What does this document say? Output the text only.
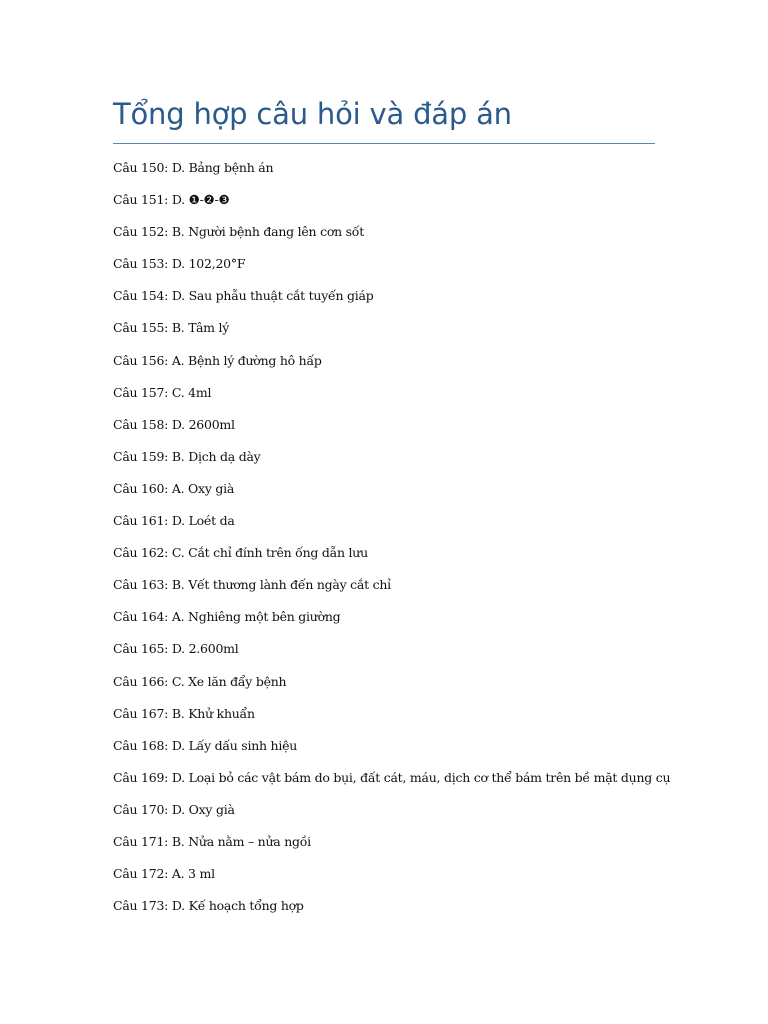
Tổng hợp câu hỏi và đáp án
Câu 150: D. Bảng bệnh án
Câu 151: D. ❶-❷-❸
Câu 152: B. Người bệnh đang lên cơn sốt
Câu 153: D. 102,20°F
Câu 154: D. Sau phẫu thuật cắt tuyến giáp
Câu 155: B. Tâm lý
Câu 156: A. Bệnh lý đường hô hấp
Câu 157: C. 4ml
Câu 158: D. 2600ml
Câu 159: B. Dịch dạ dày
Câu 160: A. Oxy già
Câu 161: D. Loét da
Câu 162: C. Cắt chỉ đính trên ống dẫn lưu
Câu 163: B. Vết thương lành đến ngày cắt chỉ
Câu 164: A. Nghiêng một bên giường
Câu 165: D. 2.600ml
Câu 166: C. Xe lăn đẩy bệnh
Câu 167: B. Khử khuẩn
Câu 168: D. Lấy dấu sinh hiệu
Câu 169: D. Loại bỏ các vật bám do bụi, đất cát, máu, dịch cơ thể bám trên bề mặt dụng cụ
Câu 170: D. Oxy già
Câu 171: B. Nửa nằm – nửa ngồi
Câu 172: A. 3 ml
Câu 173: D. Kế hoạch tổng hợp
